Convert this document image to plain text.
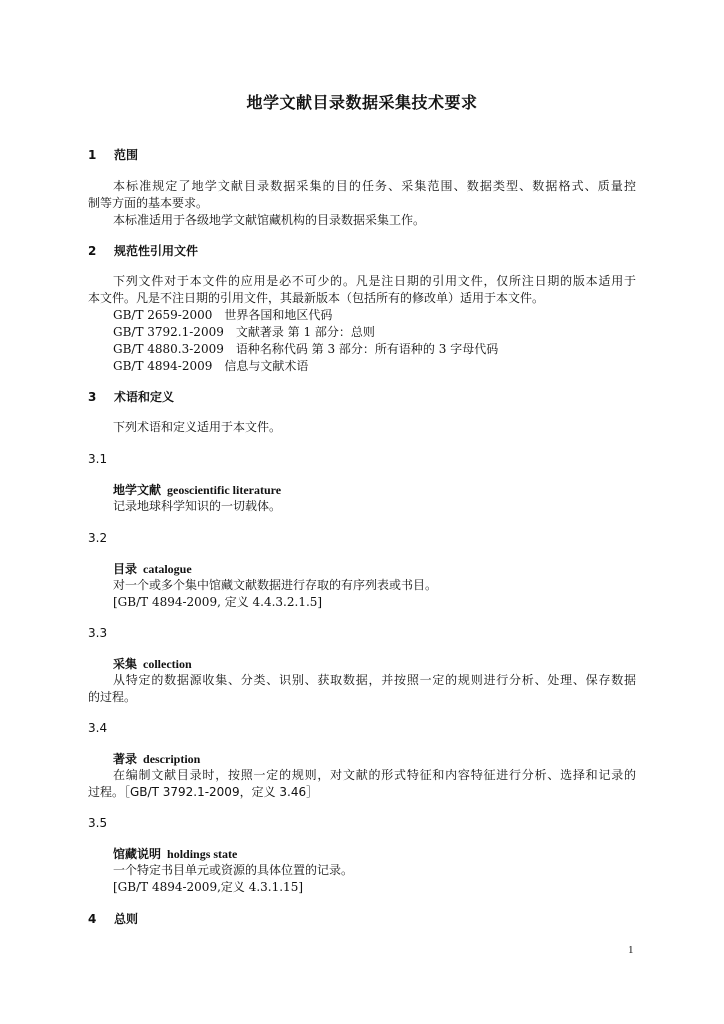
地学文献目录数据采集技术要求
1 范围
本标准规定了地学文献目录数据采集的目的任务、采集范围、数据类型、数据格式、质量控
制等方面的基本要求。
本标准适用于各级地学文献馆藏机构的目录数据采集工作。
2 规范性引用文件
下列文件对于本文件的应用是必不可少的。凡是注日期的引用文件，仅所注日期的版本适用于
本文件。凡是不注日期的引用文件，其最新版本（包括所有的修改单）适用于本文件。
GB/T 2659-2000　世界各国和地区代码
GB/T 3792.1-2009　文献著录 第 1 部分：总则
GB/T 4880.3-2009　语种名称代码 第 3 部分：所有语种的 3 字母代码
GB/T 4894-2009　信息与文献术语
3 术语和定义
下列术语和定义适用于本文件。
3.1
地学文献 geoscientific literature
记录地球科学知识的一切载体。
3.2
目录 catalogue
对一个或多个集中馆藏文献数据进行存取的有序列表或书目。
[GB/T 4894-2009, 定义 4.4.3.2.1.5]
3.3
采集 collection
从特定的数据源收集、分类、识别、获取数据，并按照一定的规则进行分析、处理、保存数据
的过程。
3.4
著录 description
在编制文献目录时，按照一定的规则，对文献的形式特征和内容特征进行分析、选择和记录的
过程。［GB/T 3792.1-2009，定义 3.46］
3.5
馆藏说明 holdings state
一个特定书目单元或资源的具体位置的记录。
[GB/T 4894-2009,定义 4.3.1.15]
4 总则
1
